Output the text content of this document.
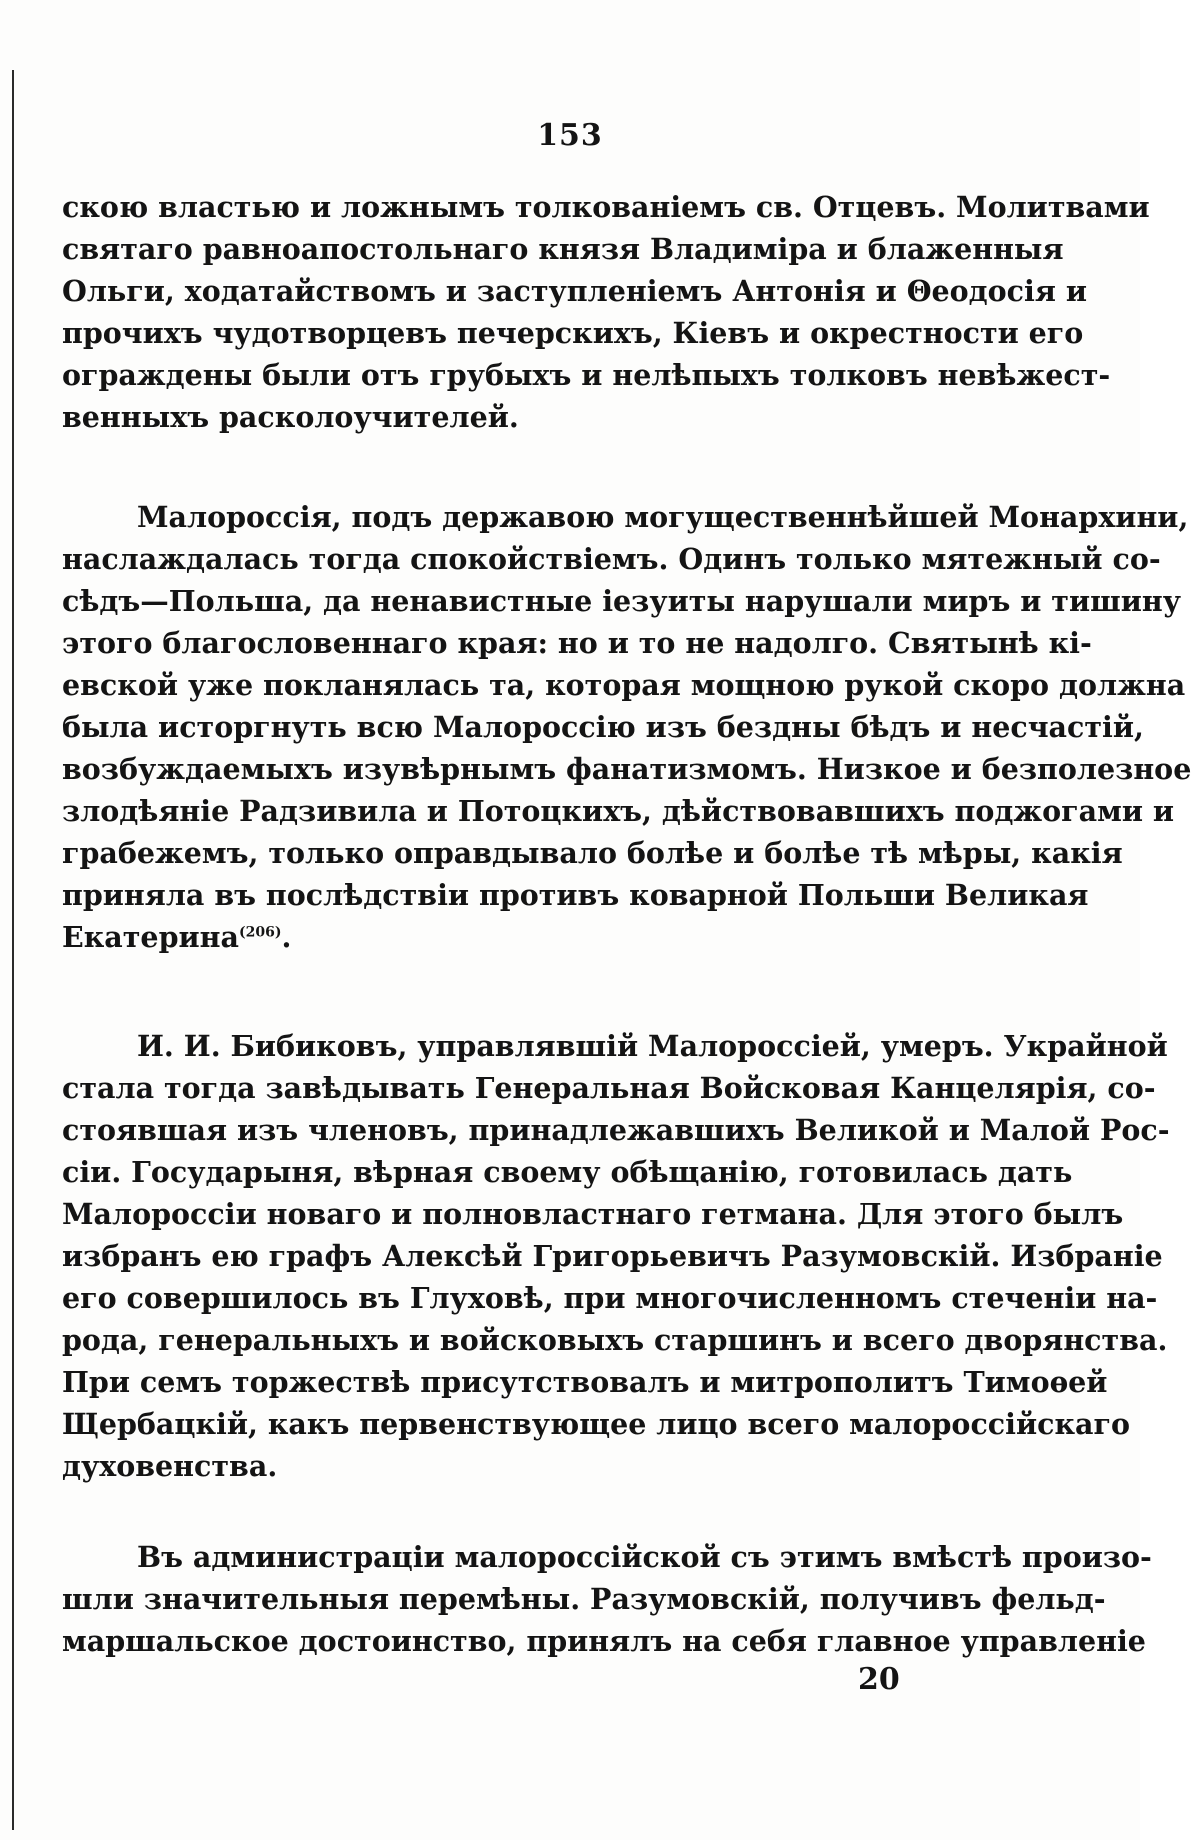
153
скою властью и ложнымъ толкованіемъ св. Отцевъ. Молитвами
святаго равноапостольнаго князя Владиміра и блаженныя
Ольги, ходатайствомъ и заступленіемъ Антонія и Θеодосія и
прочихъ чудотворцевъ печерскихъ, Кіевъ и окрестности его
ограждены были отъ грубыхъ и нелѣпыхъ толковъ невѣжест-
венныхъ расколоучителей.
Малороссія, подъ державою могущественнѣйшей Монархини,
наслаждалась тогда спокойствіемъ. Одинъ только мятежный со-
сѣдъ—Польша, да ненавистные іезуиты нарушали миръ и тишину
этого благословеннаго края: но и то не надолго. Святынѣ кі-
евской уже покланялась та, которая мощною рукой скоро должна
была исторгнуть всю Малороссію изъ бездны бѣдъ и несчастій,
возбуждаемыхъ изувѣрнымъ фанатизмомъ. Низкое и безполезное
злодѣяніе Радзивила и Потоцкихъ, дѣйствовавшихъ поджогами и
грабежемъ, только оправдывало болѣе и болѣе тѣ мѣры, какія
приняла въ послѣдствіи противъ коварной Польши Великая
Екатерина$^{(206)}$.
И. И. Бибиковъ, управлявшій Малороссіей, умеръ. Украйной
стала тогда завѣдывать Генеральная Войсковая Канцелярія, со-
стоявшая изъ членовъ, принадлежавшихъ Великой и Малой Рос-
сіи. Государыня, вѣрная своему обѣщанію, готовилась дать
Малороссіи новаго и полновластнаго гетмана. Для этого былъ
избранъ ею графъ Алексѣй Григорьевичъ Разумовскій. Избраніе
его совершилось въ Глуховѣ, при многочисленномъ стеченіи на-
рода, генеральныхъ и войсковыхъ старшинъ и всего дворянства.
При семъ торжествѣ присутствовалъ и митрополитъ Тимоѳей
Щербацкій, какъ первенствующее лицо всего малороссійскаго
духовенства.
Въ администраціи малороссійской съ этимъ вмѣстѣ произо-
шли значительныя перемѣны. Разумовскій, получивъ фельд-
маршальское достоинство, принялъ на себя главное управленіе
20
